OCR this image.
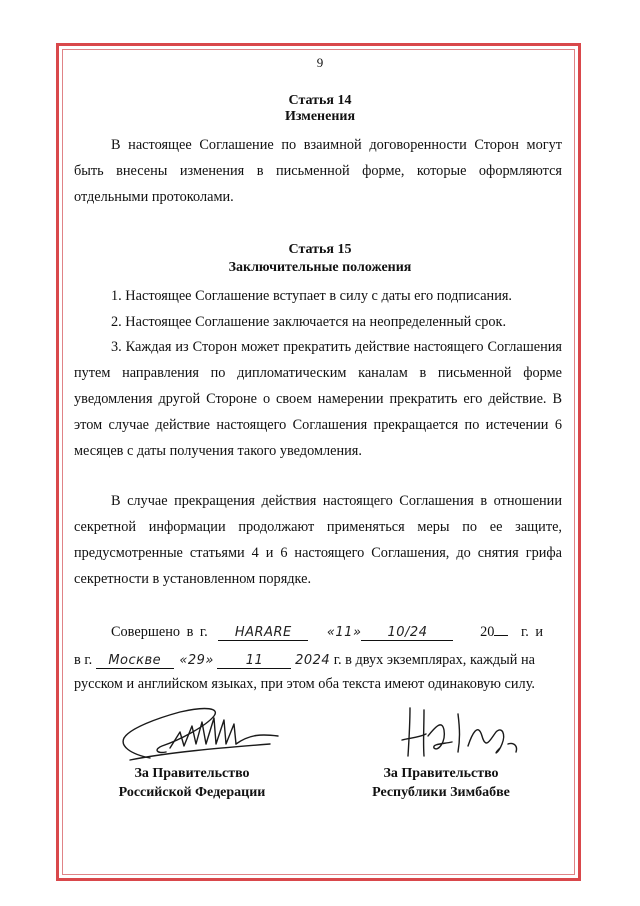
9
Статья 14
Изменения
В настоящее Соглашение по взаимной договоренности Сторон могут быть внесены изменения в письменной форме, которые оформляются отдельными протоколами.
Статья 15
Заключительные положения
1. Настоящее Соглашение вступает в силу с даты его подписания.
2. Настоящее Соглашение заключается на неопределенный срок.
3. Каждая из Сторон может прекратить действие настоящего Соглашения путем направления по дипломатическим каналам в письменной форме уведомления другой Стороне о своем намерении прекратить его действие. В этом случае действие настоящего Соглашения прекращается по истечении 6 месяцев с даты получения такого уведомления.
В случае прекращения действия настоящего Соглашения в отношении секретной информации продолжают применяться меры по ее защите, предусмотренные статьями 4 и 6 настоящего Соглашения, до снятия грифа секретности в установленном порядке.
Совершено в г. HARARE	«11» 10/24	20 г. и
в г. Москве «29» 11 2024 г. в двух экземплярах, каждый на
русском и английском языках, при этом оба текста имеют одинаковую силу.
За Правительство
Российской Федерации
За Правительство
Республики Зимбабве
